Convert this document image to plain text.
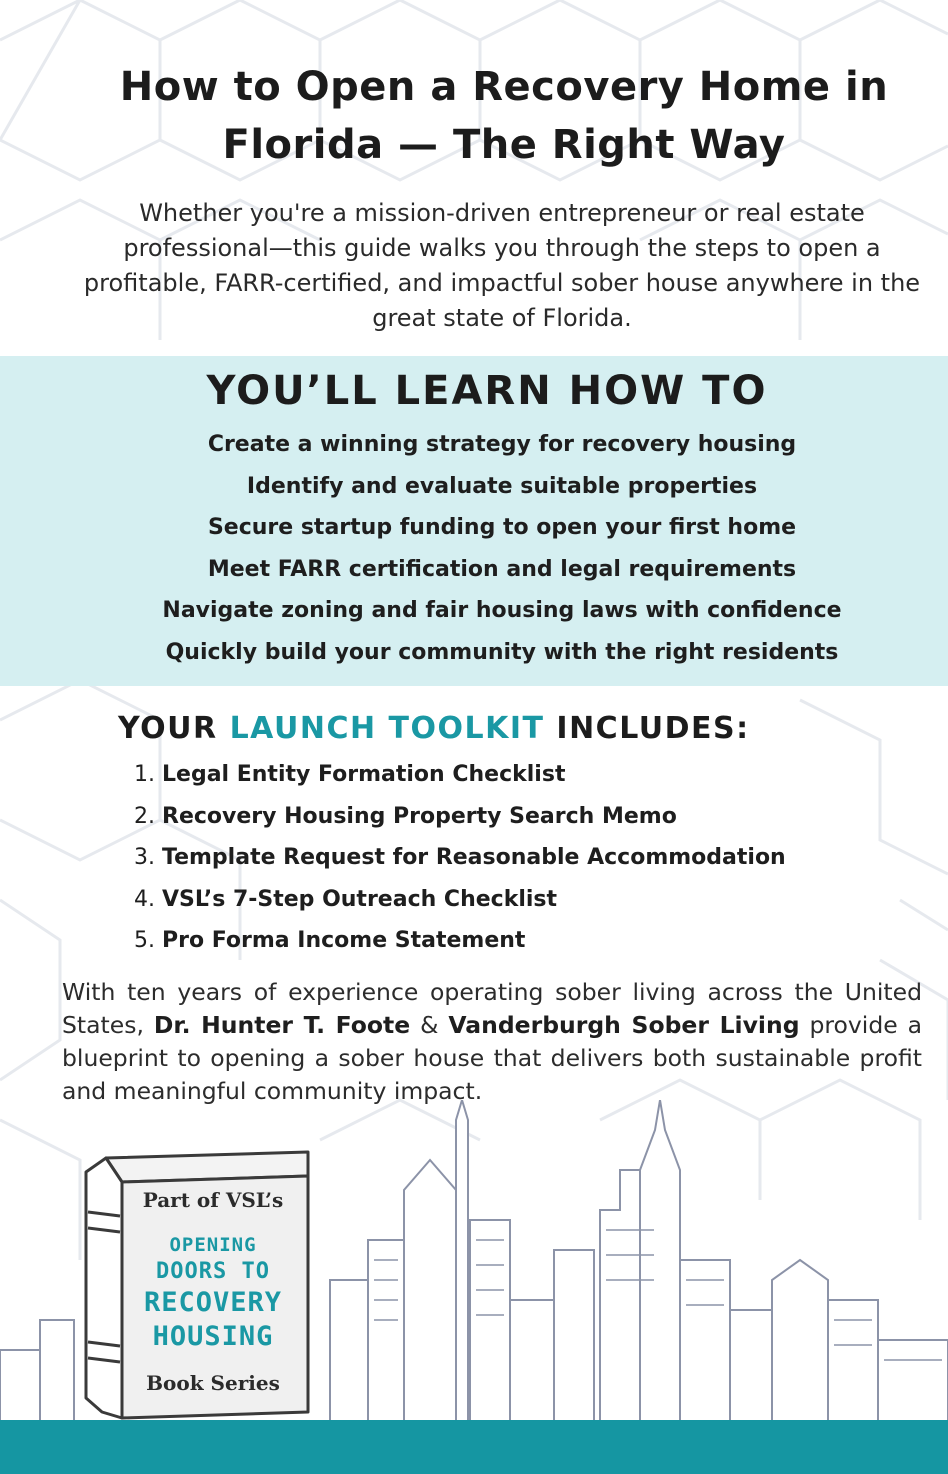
How to Open a Recovery Home in Florida — The Right Way

Whether you're a mission-driven entrepreneur or real estate professional—this guide walks you through the steps to open a profitable, FARR-certified, and impactful sober house anywhere in the great state of Florida.

YOU’LL LEARN HOW TO
Create a winning strategy for recovery housing
Identify and evaluate suitable properties
Secure startup funding to open your first home
Meet FARR certification and legal requirements
Navigate zoning and fair housing laws with confidence
Quickly build your community with the right residents
YOUR LAUNCH TOOLKIT INCLUDES:
1. Legal Entity Formation Checklist
2. Recovery Housing Property Search Memo
3. Template Request for Reasonable Accommodation
4. VSL’s 7-Step Outreach Checklist
5. Pro Forma Income Statement

With ten years of experience operating sober living across the United States, Dr. Hunter T. Foote & Vanderburgh Sober Living provide a blueprint to opening a sober house that delivers both sustainable profit and meaningful community impact.

Part of VSL’s
OPENING
DOORS TO
RECOVERY
HOUSING
Book Series
